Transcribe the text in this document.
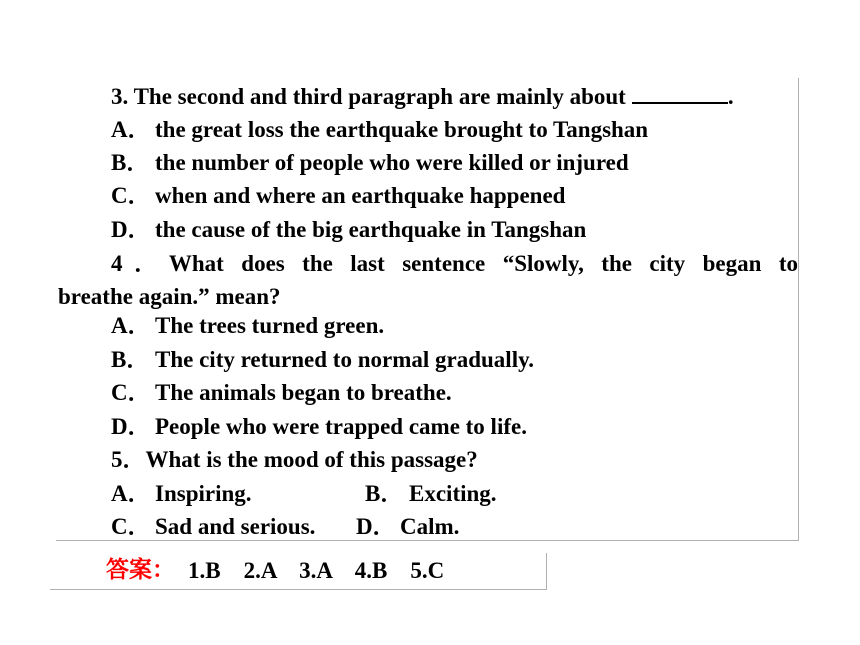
3. The second and third paragraph are mainly about	.
A． the great loss the earthquake brought to Tangshan
B． the number of people who were killed or injured
C． when and where an earthquake happened
D． the cause of the big earthquake in Tangshan
4．What does the last sentence “Slowly, the city began to
breathe again.” mean?
A． The trees turned green.
B． The city returned to normal gradually.
C． The animals began to breathe.
D． People who were trapped came to life.
5．What is the mood of this passage?
A． Inspiring.	B． Exciting.
C． Sad and serious. D． Calm.
答案： 1.B    2.A    3.A    4.B    5.C
